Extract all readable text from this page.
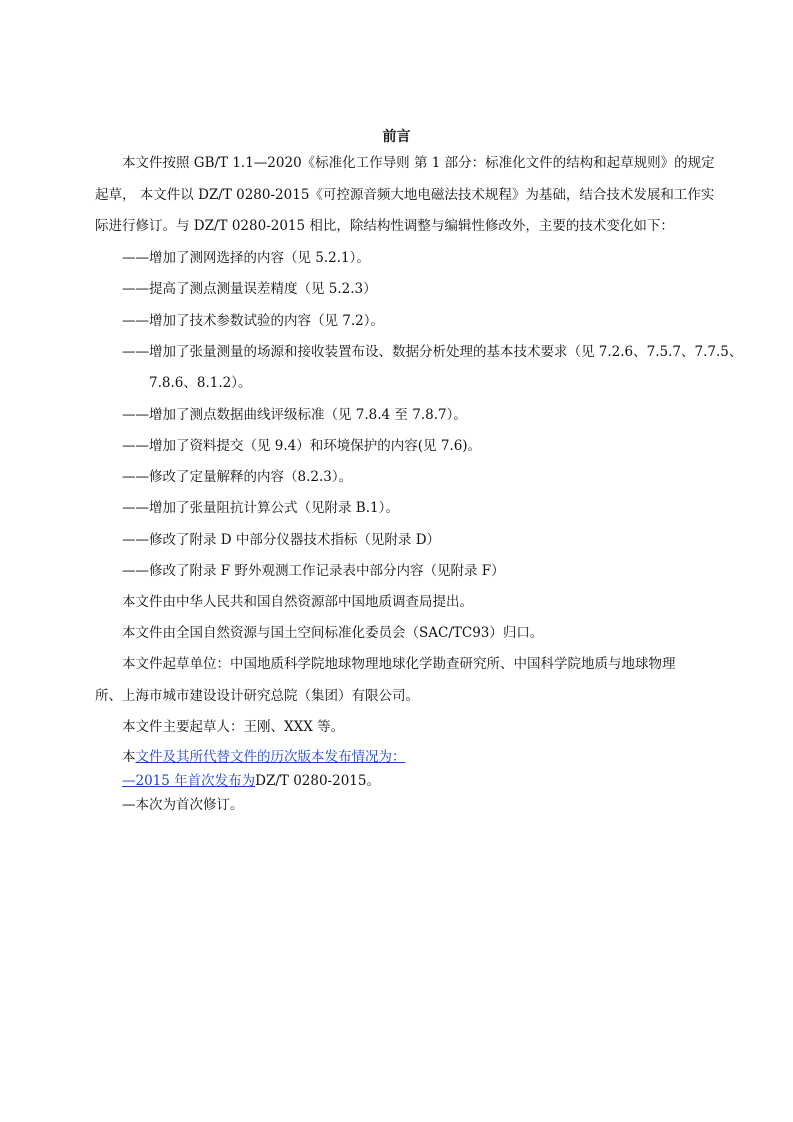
前言
本文件按照 GB/T 1.1—2020《标准化工作导则 第 1 部分：标准化文件的结构和起草规则》的规定
起草， 本文件以 DZ/T 0280-2015《可控源音频大地电磁法技术规程》为基础，结合技术发展和工作实
际进行修订。与 DZ/T 0280-2015 相比，除结构性调整与编辑性修改外，主要的技术变化如下：
——增加了测网选择的内容（见 5.2.1）。
——提高了测点测量误差精度（见 5.2.3）
——增加了技术参数试验的内容（见 7.2）。
——增加了张量测量的场源和接收装置布设、数据分析处理的基本技术要求（见 7.2.6、7.5.7、7.7.5、
7.8.6、8.1.2）。
——增加了测点数据曲线评级标准（见 7.8.4 至 7.8.7）。
——增加了资料提交（见 9.4）和环境保护的内容(见 7.6)。
——修改了定量解释的内容（8.2.3）。
——增加了张量阻抗计算公式（见附录 B.1）。
——修改了附录 D 中部分仪器技术指标（见附录 D）
——修改了附录 F 野外观测工作记录表中部分内容（见附录 F）
本文件由中华人民共和国自然资源部中国地质调查局提出。
本文件由全国自然资源与国土空间标准化委员会（SAC/TC93）归口。
本文件起草单位：中国地质科学院地球物理地球化学勘查研究所、中国科学院地质与地球物理
所、上海市城市建设设计研究总院（集团）有限公司。
本文件主要起草人：王刚、XXX 等。
本文件及其所代替文件的历次版本发布情况为：
—2015 年首次发布为DZ/T 0280-2015。
—本次为首次修订。
